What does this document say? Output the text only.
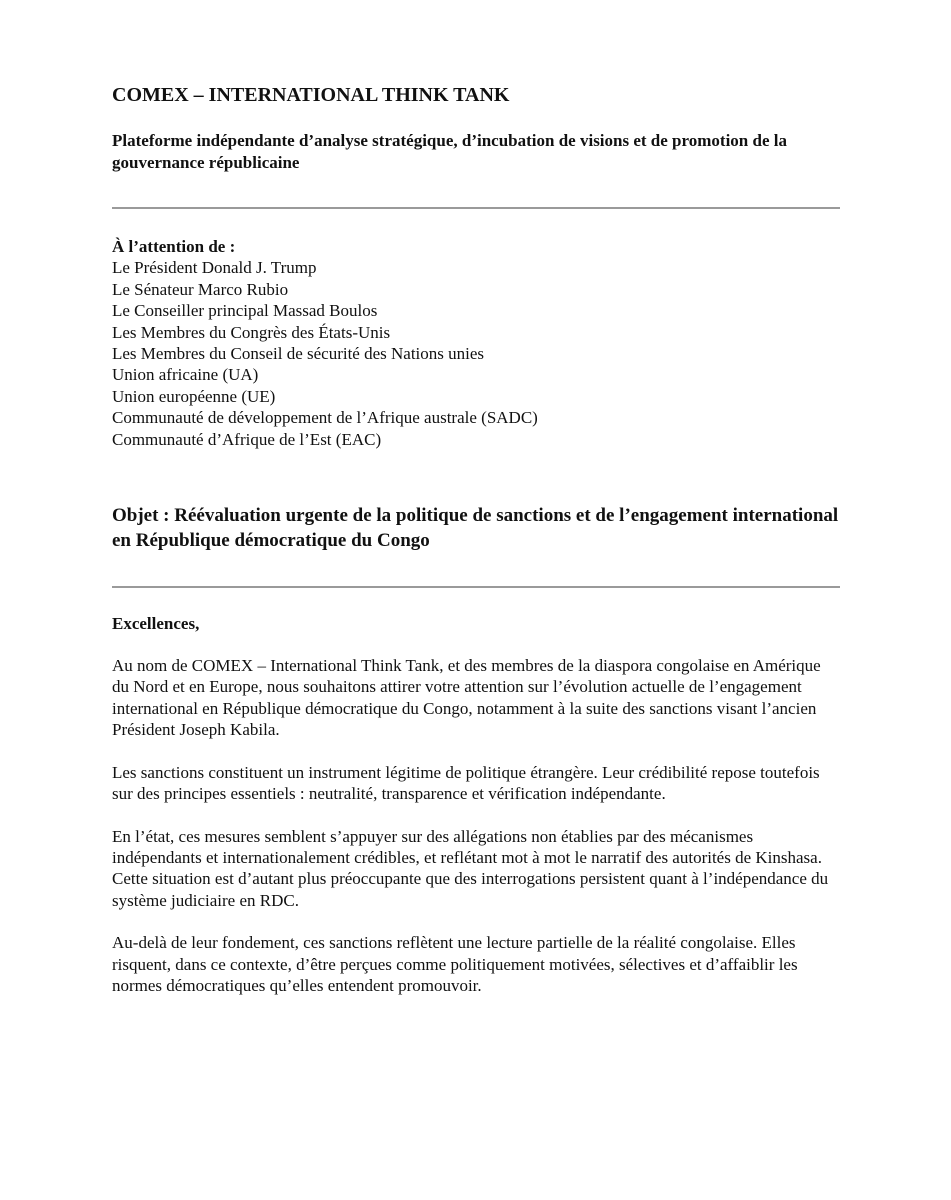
COMEX – INTERNATIONAL THINK TANK

Plateforme indépendante d’analyse stratégique, d’incubation de visions et de promotion de la gouvernance républicaine

À l’attention de :
Le Président Donald J. Trump
Le Sénateur Marco Rubio
Le Conseiller principal Massad Boulos
Les Membres du Congrès des États-Unis
Les Membres du Conseil de sécurité des Nations unies
Union africaine (UA)
Union européenne (UE)
Communauté de développement de l’Afrique australe (SADC)
Communauté d’Afrique de l’Est (EAC)
Objet : Réévaluation urgente de la politique de sanctions et de l’engagement international en République démocratique du Congo
Excellences,

Au nom de COMEX – International Think Tank, et des membres de la diaspora congolaise en Amérique du Nord et en Europe, nous souhaitons attirer votre attention sur l’évolution actuelle de l’engagement international en République démocratique du Congo, notamment à la suite des sanctions visant l’ancien Président Joseph Kabila.

Les sanctions constituent un instrument légitime de politique étrangère. Leur crédibilité repose toutefois sur des principes essentiels : neutralité, transparence et vérification indépendante.

En l’état, ces mesures semblent s’appuyer sur des allégations non établies par des mécanismes indépendants et internationalement crédibles, et reflétant mot à mot le narratif des autorités de Kinshasa. Cette situation est d’autant plus préoccupante que des interrogations persistent quant à l’indépendance du système judiciaire en RDC.

Au-delà de leur fondement, ces sanctions reflètent une lecture partielle de la réalité congolaise. Elles risquent, dans ce contexte, d’être perçues comme politiquement motivées, sélectives et d’affaiblir les normes démocratiques qu’elles entendent promouvoir.
